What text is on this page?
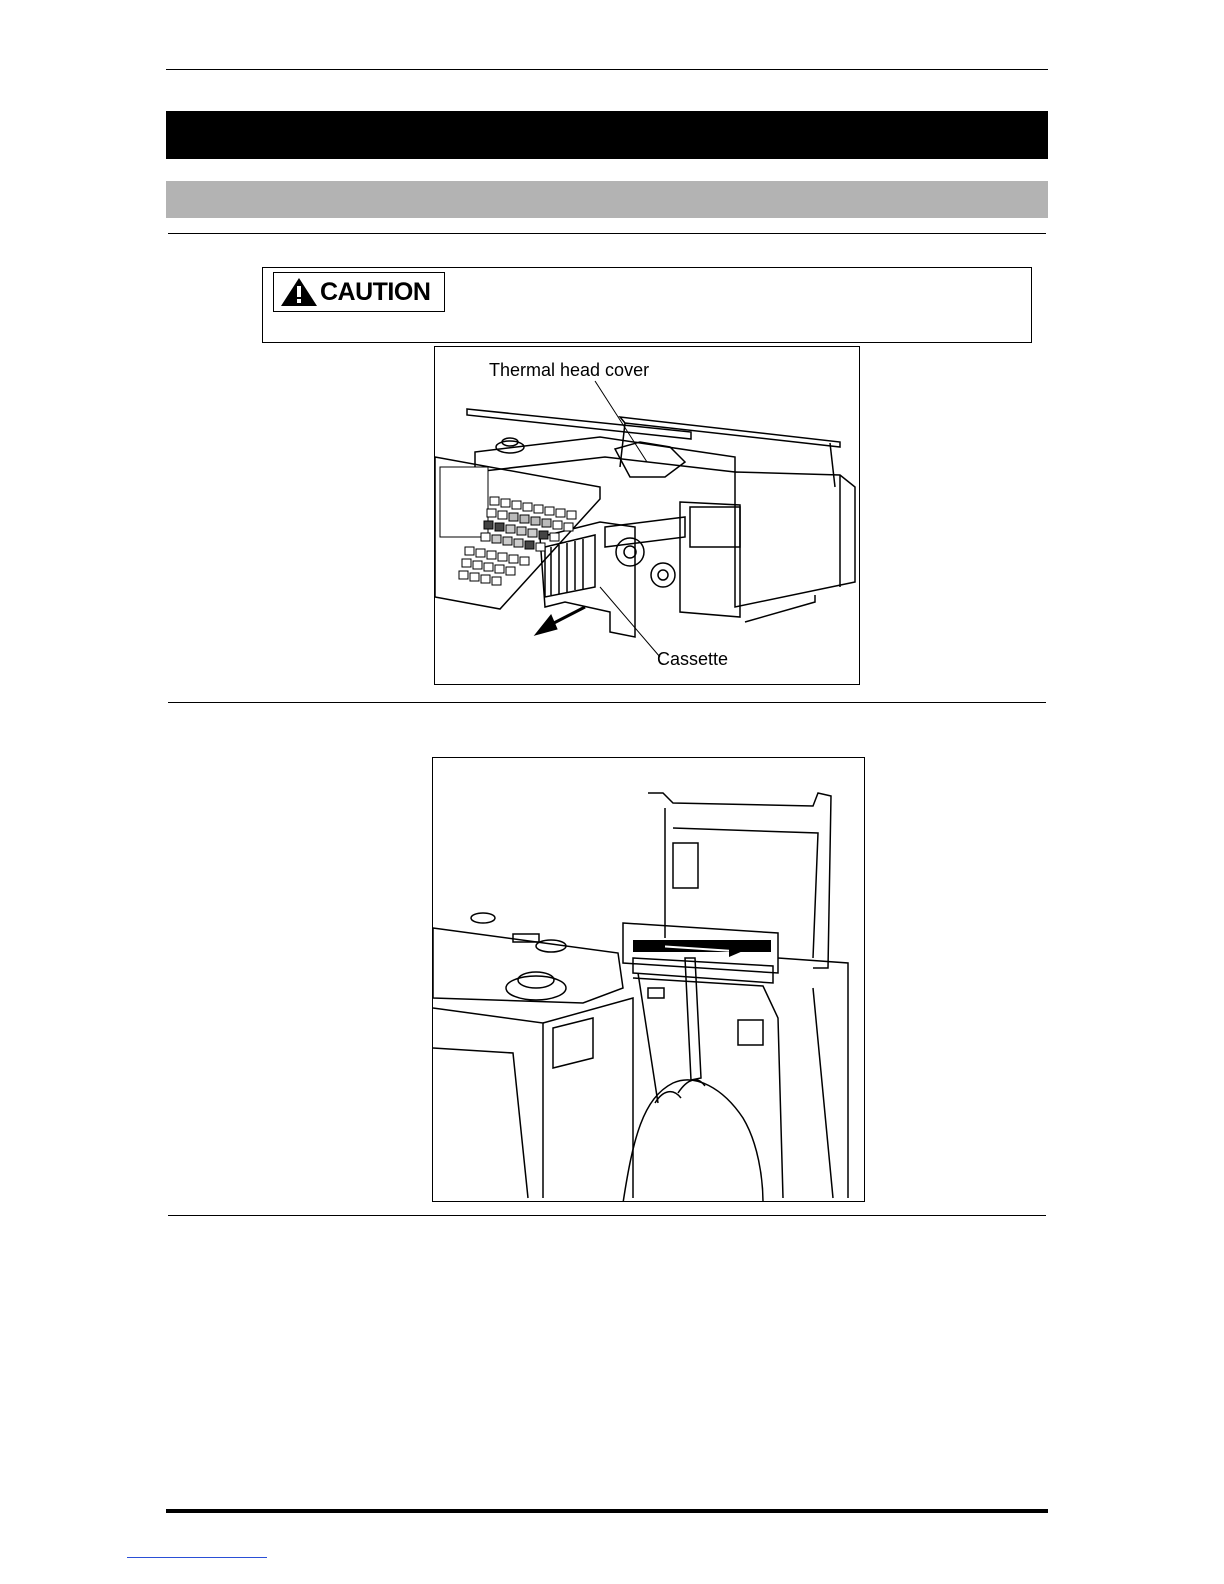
CAUTION
Thermal head cover
Cassette
